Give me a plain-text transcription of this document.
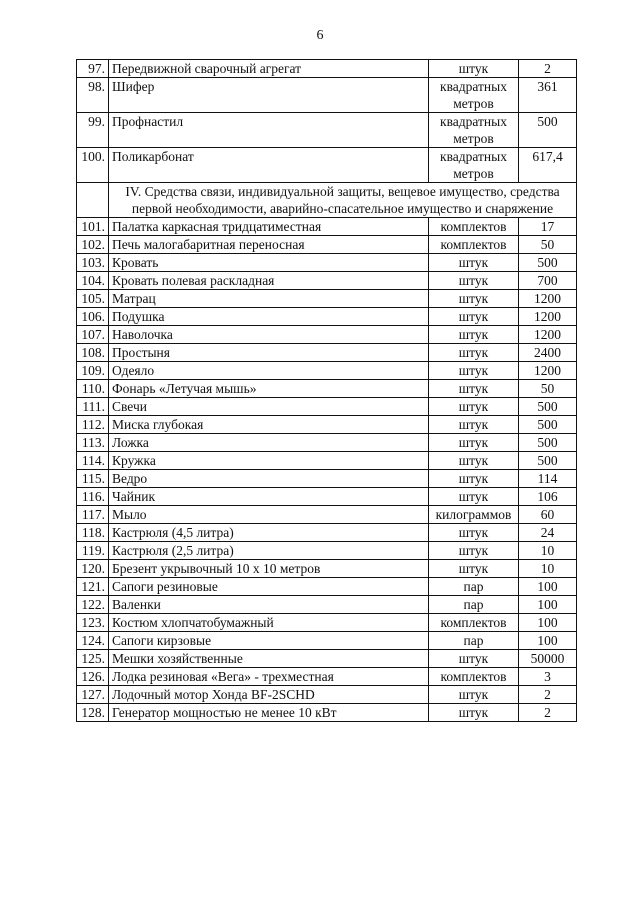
6
97.	Передвижной сварочный агрегат	штук	2
98.	Шифер	квадратных метров	361
99.	Профнастил	квадратных метров	500
100.	Поликарбонат	квадратных метров	617,4
	IV. Средства связи, индивидуальной защиты, вещевое имущество, средства первой необходимости, аварийно-спасательное имущество и снаряжение		
101.	Палатка каркасная тридцатиместная	комплектов	17
102.	Печь малогабаритная переносная	комплектов	50
103.	Кровать	штук	500
104.	Кровать полевая раскладная	штук	700
105.	Матрац	штук	1200
106.	Подушка	штук	1200
107.	Наволочка	штук	1200
108.	Простыня	штук	2400
109.	Одеяло	штук	1200
110.	Фонарь «Летучая мышь»	штук	50
111.	Свечи	штук	500
112.	Миска глубокая	штук	500
113.	Ложка	штук	500
114.	Кружка	штук	500
115.	Ведро	штук	114
116.	Чайник	штук	106
117.	Мыло	килограммов	60
118.	Кастрюля (4,5 литра)	штук	24
119.	Кастрюля (2,5 литра)	штук	10
120.	Брезент укрывочный 10 х 10 метров	штук	10
121.	Сапоги резиновые	пар	100
122.	Валенки	пар	100
123.	Костюм хлопчатобумажный	комплектов	100
124.	Сапоги кирзовые	пар	100
125.	Мешки хозяйственные	штук	50000
126.	Лодка резиновая «Вега» - трехместная	комплектов	3
127.	Лодочный мотор Хонда BF-2SCHD	штук	2
128.	Генератор мощностью не менее 10 кВт	штук	2
